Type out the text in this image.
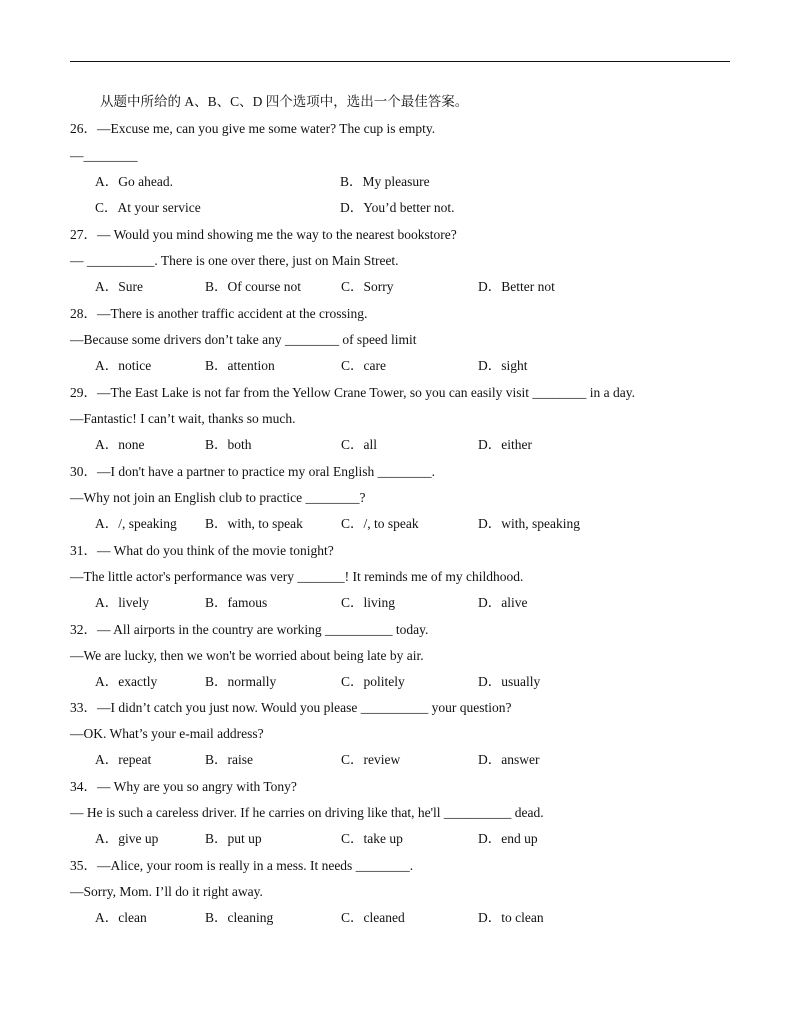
从题中所给的 A、B、C、D 四个选项中，选出一个最佳答案。
26．—Excuse me, can you give me some water? The cup is empty.
—________
A．Go ahead.	B．My pleasure
C．At your service	D．You’d better not.
27．— Would you mind showing me the way to the nearest bookstore?
— __________. There is one over there, just on Main Street.
A．Sure	B．Of course not	C．Sorry	D．Better not
28．—There is another traffic accident at the crossing.
—Because some drivers don’t take any ________ of speed limit
A．notice	B．attention	C．care	D．sight
29．—The East Lake is not far from the Yellow Crane Tower, so you can easily visit ________ in a day.
—Fantastic! I can’t wait, thanks so much.
A．none	B．both	C．all	D．either
30．—I don't have a partner to practice my oral English ________.
—Why not join an English club to practice ________?
A．/, speaking B．with, to speak	C．/, to speak	D．with, speaking
31．— What do you think of the movie tonight?
—The little actor's performance was very _______! It reminds me of my childhood.
A．lively	B．famous	C．living	D．alive
32．— All airports in the country are working __________ today.
—We are lucky, then we won't be worried about being late by air.
A．exactly	B．normally	C．politely	D．usually
33．—I didn’t catch you just now. Would you please __________ your question?
—OK. What’s your e-mail address?
A．repeat	B．raise	C．review	D．answer
34．— Why are you so angry with Tony?
— He is such a careless driver. If he carries on driving like that, he'll __________ dead.
A．give up	B．put up	C．take up	D．end up
35．—Alice, your room is really in a mess. It needs ________.
—Sorry, Mom. I’ll do it right away.
A．clean	B．cleaning	C．cleaned	D．to clean
